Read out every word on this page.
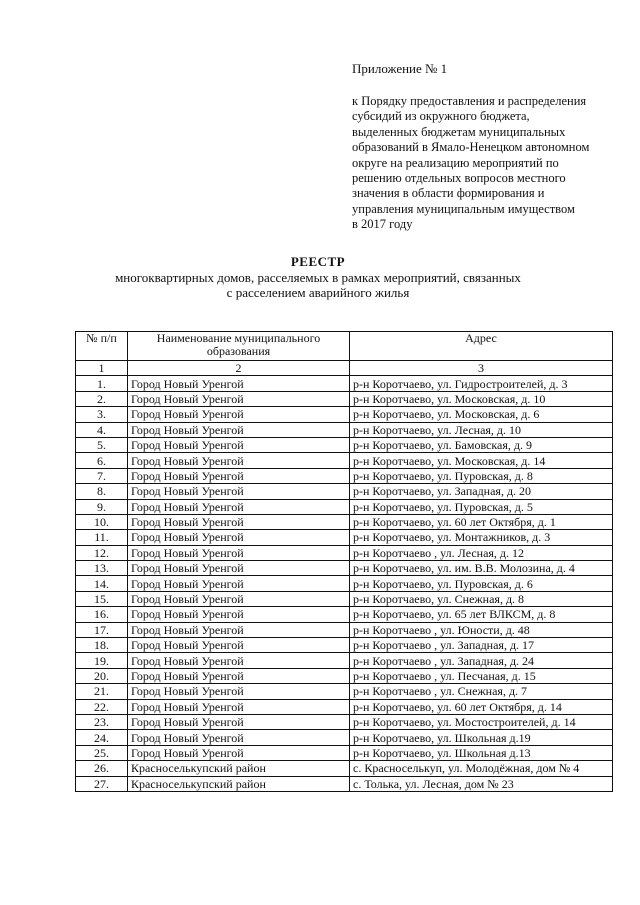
Приложение № 1
к Порядку предоставления и распределения
субсидий из окружного бюджета,
выделенных бюджетам муниципальных
образований в Ямало-Ненецком автономном
округе на реализацию мероприятий по
решению отдельных вопросов местного
значения в области формирования и
управления муниципальным имуществом
в 2017 году
РЕЕСТР
многоквартирных домов, расселяемых в рамках мероприятий, связанных
с расселением аварийного жилья
№ п/п	Наименование муниципального образования	Адрес
1	2	3
1.	Город Новый Уренгой	р-н Коротчаево, ул. Гидростроителей, д. 3
2.	Город Новый Уренгой	р-н Коротчаево, ул. Московская, д. 10
3.	Город Новый Уренгой	р-н Коротчаево, ул. Московская, д. 6
4.	Город Новый Уренгой	р-н Коротчаево, ул. Лесная, д. 10
5.	Город Новый Уренгой	р-н Коротчаево, ул. Бамовская, д. 9
6.	Город Новый Уренгой	р-н Коротчаево, ул. Московская, д. 14
7.	Город Новый Уренгой	р-н Коротчаево, ул. Пуровская, д. 8
8.	Город Новый Уренгой	р-н Коротчаево, ул. Западная, д. 20
9.	Город Новый Уренгой	р-н Коротчаево, ул. Пуровская, д. 5
10.	Город Новый Уренгой	р-н Коротчаево, ул. 60 лет Октября, д. 1
11.	Город Новый Уренгой	р-н Коротчаево, ул. Монтажников, д. 3
12.	Город Новый Уренгой	р-н Коротчаево , ул. Лесная, д. 12
13.	Город Новый Уренгой	р-н Коротчаево, ул. им. В.В. Молозина, д. 4
14.	Город Новый Уренгой	р-н Коротчаево, ул. Пуровская, д. 6
15.	Город Новый Уренгой	р-н Коротчаево, ул. Снежная, д. 8
16.	Город Новый Уренгой	р-н Коротчаево, ул. 65 лет ВЛКСМ, д. 8
17.	Город Новый Уренгой	р-н Коротчаево , ул. Юности, д. 48
18.	Город Новый Уренгой	р-н Коротчаево , ул. Западная, д. 17
19.	Город Новый Уренгой	р-н Коротчаево , ул. Западная, д. 24
20.	Город Новый Уренгой	р-н Коротчаево , ул. Песчаная, д. 15
21.	Город Новый Уренгой	р-н Коротчаево , ул. Снежная, д. 7
22.	Город Новый Уренгой	р-н Коротчаево, ул. 60 лет Октября, д. 14
23.	Город Новый Уренгой	р-н Коротчаево, ул. Мостостроителей, д. 14
24.	Город Новый Уренгой	р-н Коротчаево, ул. Школьная д.19
25.	Город Новый Уренгой	р-н Коротчаево, ул. Школьная д.13
26.	Красноселькупский район	с. Красноселькуп, ул. Молодёжная, дом № 4
27.	Красноселькупский район	с. Толька, ул. Лесная, дом № 23
